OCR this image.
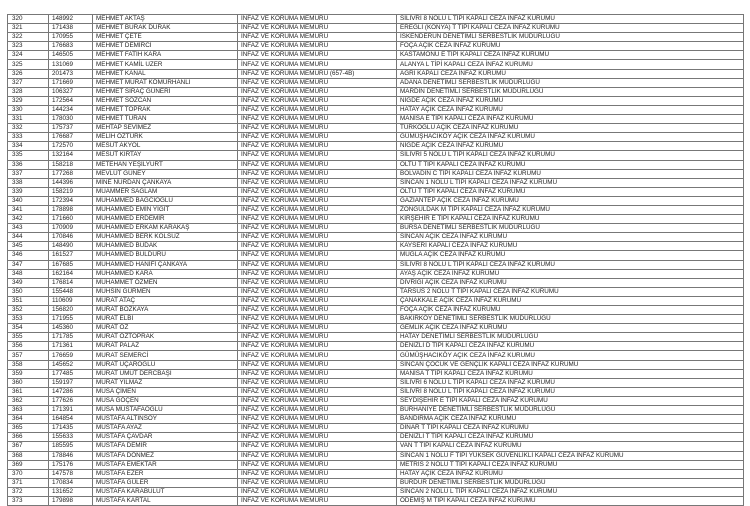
320	148992	MEHMET AKTAŞ	İNFAZ VE KORUMA MEMURU	SİLİVRİ 8 NOLU L TİPİ KAPALI CEZA İNFAZ KURUMU
321	171438	MEHMET BURAK DURAK	İNFAZ VE KORUMA MEMURU	EREĞLİ (KONYA) T TİPİ KAPALI CEZA İNFAZ KURUMU
322	170955	MEHMET ÇETE	İNFAZ VE KORUMA MEMURU	İSKENDERUN DENETİMLİ SERBESTLİK MÜDÜRLÜĞÜ
323	176683	MEHMET DEMİRCİ	İNFAZ VE KORUMA MEMURU	FOÇA AÇIK CEZA İNFAZ KURUMU
324	146505	MEHMET FATİH KARA	İNFAZ VE KORUMA MEMURU	KASTAMONU E TİPİ KAPALI CEZA İNFAZ KURUMU
325	131069	MEHMET KAMİL UZER	İNFAZ VE KORUMA MEMURU	ALANYA L TİPİ KAPALI CEZA İNFAZ KURUMU
326	201473	MEHMET KANAL	İNFAZ VE KORUMA MEMURU (657-4B)	AĞRI KAPALI CEZA İNFAZ KURUMU
327	171669	MEHMET MURAT KÖMÜRHANLI	İNFAZ VE KORUMA MEMURU	ADANA DENETİMLİ SERBESTLİK MÜDÜRLÜĞÜ
328	106327	MEHMET SIRAÇ GÜNERİ	İNFAZ VE KORUMA MEMURU	MARDİN DENETİMLİ SERBESTLİK MÜDÜRLÜĞÜ
329	172564	MEHMET SÖZCAN	İNFAZ VE KORUMA MEMURU	NİĞDE AÇIK CEZA İNFAZ KURUMU
330	144234	MEHMET TOPRAK	İNFAZ VE KORUMA MEMURU	HATAY AÇIK CEZA İNFAZ KURUMU
331	178030	MEHMET TURAN	İNFAZ VE KORUMA MEMURU	MANİSA E TİPİ KAPALI CEZA İNFAZ KURUMU
332	175737	MEHTAP SEVİMEZ	İNFAZ VE KORUMA MEMURU	TÜRKOĞLU AÇIK CEZA İNFAZ KURUMU
333	176687	MELİH ÖZTÜRK	İNFAZ VE KORUMA MEMURU	GÜMÜŞHACIKÖY AÇIK CEZA İNFAZ KURUMU
334	172570	MESUT AKYOL	İNFAZ VE KORUMA MEMURU	NİĞDE AÇIK CEZA İNFAZ KURUMU
335	132164	MESUT KIRTAY	İNFAZ VE KORUMA MEMURU	SİLİVRİ 5 NOLU L TİPİ KAPALI CEZA İNFAZ KURUMU
336	158218	METEHAN YEŞİLYURT	İNFAZ VE KORUMA MEMURU	OLTU T TİPİ KAPALI CEZA İNFAZ KURUMU
337	177268	MEVLÜT GÜNEY	İNFAZ VE KORUMA MEMURU	BOLVADİN C TİPİ KAPALI CEZA İNFAZ KURUMU
338	144396	MİNE NURDAN ÇANKAYA	İNFAZ VE KORUMA MEMURU	SİNCAN 1 NOLU L TİPİ KAPALI CEZA İNFAZ KURUMU
339	158219	MUAMMER SAĞLAM	İNFAZ VE KORUMA MEMURU	OLTU T TİPİ KAPALI CEZA İNFAZ KURUMU
340	172394	MUHAMMED BAĞCIOĞLU	İNFAZ VE KORUMA MEMURU	GAZİANTEP AÇIK CEZA İNFAZ KURUMU
341	178898	MUHAMMED EMİN YİĞİT	İNFAZ VE KORUMA MEMURU	ZONGULDAK M TİPİ KAPALI CEZA İNFAZ KURUMU
342	171660	MUHAMMED ERDEMİR	İNFAZ VE KORUMA MEMURU	KIRŞEHİR E TİPİ KAPALI CEZA İNFAZ KURUMU
343	170909	MUHAMMED ERKAM KARAKAŞ	İNFAZ VE KORUMA MEMURU	BURSA DENETİMLİ SERBESTLİK MÜDÜRLÜĞÜ
344	170846	MUHAMMED BERK KOLSUZ	İNFAZ VE KORUMA MEMURU	SİNCAN AÇIK CEZA İNFAZ KURUMU
345	148490	MUHAMMED BUDAK	İNFAZ VE KORUMA MEMURU	KAYSERİ KAPALI CEZA İNFAZ KURUMU
346	161527	MUHAMMED BULDURU	İNFAZ VE KORUMA MEMURU	MUĞLA AÇIK CEZA İNFAZ KURUMU
347	167685	MUHAMMED HANİFİ ÇANKAYA	İNFAZ VE KORUMA MEMURU	SİLİVRİ 8 NOLU L TİPİ KAPALI CEZA İNFAZ KURUMU
348	162164	MUHAMMED KARA	İNFAZ VE KORUMA MEMURU	AYAŞ AÇIK CEZA İNFAZ KURUMU
349	176814	MUHAMMET ÖZMEN	İNFAZ VE KORUMA MEMURU	DİVRİĞİ AÇIK CEZA İNFAZ KURUMU
350	155448	MUHSİN GÜRMEN	İNFAZ VE KORUMA MEMURU	TARSUS 2 NOLU T TİPİ KAPALI CEZA İNFAZ KURUMU
351	110609	MURAT ATAÇ	İNFAZ VE KORUMA MEMURU	ÇANAKKALE AÇIK CEZA İNFAZ KURUMU
352	156820	MURAT BOZKAYA	İNFAZ VE KORUMA MEMURU	FOÇA AÇIK CEZA İNFAZ KURUMU
353	171955	MURAT ELBİ	İNFAZ VE KORUMA MEMURU	BAKIRKÖY DENETİMLİ SERBESTLİK MÜDÜRLÜĞÜ
354	145360	MURAT ÖZ	İNFAZ VE KORUMA MEMURU	GEMLİK AÇIK CEZA İNFAZ KURUMU
355	171785	MURAT ÖZTOPRAK	İNFAZ VE KORUMA MEMURU	HATAY DENETİMLİ SERBESTLİK MÜDÜRLÜĞÜ
356	171361	MURAT PALAZ	İNFAZ VE KORUMA MEMURU	DENİZLİ D TİPİ KAPALI CEZA İNFAZ KURUMU
357	176659	MURAT SEMERCİ	İNFAZ VE KORUMA MEMURU	GÜMÜŞHACIKÖY AÇIK CEZA İNFAZ KURUMU
358	145652	MURAT UÇAROĞLU	İNFAZ VE KORUMA MEMURU	SİNCAN ÇOCUK VE GENÇLİK KAPALI CEZA İNFAZ KURUMU
359	177485	MURAT UMUT DERCBAŞI	İNFAZ VE KORUMA MEMURU	MANİSA T TİPİ KAPALI CEZA İNFAZ KURUMU
360	159197	MURAT YILMAZ	İNFAZ VE KORUMA MEMURU	SİLİVRİ 6 NOLU L TİPİ KAPALI CEZA İNFAZ KURUMU
361	147286	MUSA ÇİMEN	İNFAZ VE KORUMA MEMURU	SİLİVRİ 8 NOLU L TİPİ KAPALI CEZA İNFAZ KURUMU
362	177626	MUSA GÖÇEN	İNFAZ VE KORUMA MEMURU	SEYDİŞEHİR E TİPİ KAPALI CEZA İNFAZ KURUMU
363	171391	MUSA MUSTAFAOĞLU	İNFAZ VE KORUMA MEMURU	BURHANİYE DENETİMLİ SERBESTLİK MÜDÜRLÜĞÜ
364	164854	MUSTAFA ALTINSOY	İNFAZ VE KORUMA MEMURU	BANDIRMA AÇIK CEZA İNFAZ KURUMU
365	171435	MUSTAFA AYAZ	İNFAZ VE KORUMA MEMURU	DİNAR T TİPİ KAPALI CEZA İNFAZ KURUMU
366	155633	MUSTAFA ÇAVDAR	İNFAZ VE KORUMA MEMURU	DENİZLİ T TİPİ KAPALI CEZA İNFAZ KURUMU
367	185595	MUSTAFA DEMİR	İNFAZ VE KORUMA MEMURU	VAN T TİPİ KAPALI CEZA İNFAZ KURUMU
368	178846	MUSTAFA DÖNMEZ	İNFAZ VE KORUMA MEMURU	SİNCAN 1 NOLU F TİPİ YÜKSEK GÜVENLİKLİ KAPALI CEZA İNFAZ KURUMU
369	175176	MUSTAFA EMEKTAR	İNFAZ VE KORUMA MEMURU	METRİS 2 NOLU T TİPİ KAPALI CEZA İNFAZ KURUMU
370	147578	MUSTAFA EZER	İNFAZ VE KORUMA MEMURU	HATAY AÇIK CEZA İNFAZ KURUMU
371	170834	MUSTAFA GÜLER	İNFAZ VE KORUMA MEMURU	BURDUR DENETİMLİ SERBESTLİK MÜDÜRLÜĞÜ
372	131652	MUSTAFA KARABULUT	İNFAZ VE KORUMA MEMURU	SİNCAN 2 NOLU L TİPİ KAPALI CEZA İNFAZ KURUMU
373	179898	MUSTAFA KARTAL	İNFAZ VE KORUMA MEMURU	ÖDEMİŞ M TİPİ KAPALI CEZA İNFAZ KURUMU
